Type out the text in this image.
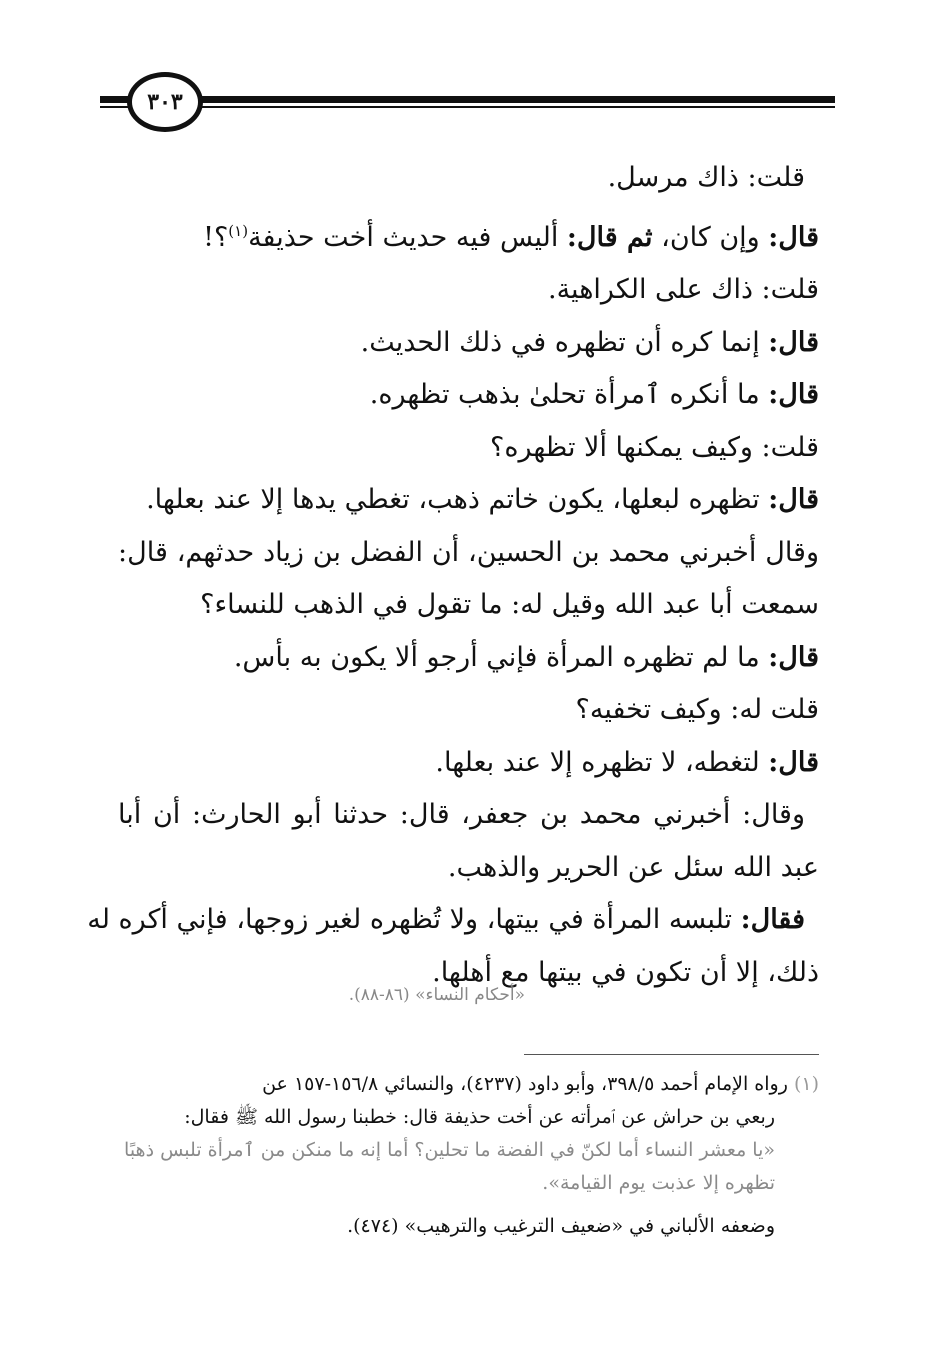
٣٠٣
قلت: ذاك مرسل.
قال: وإن كان، ثم قال: أليس فيه حديث أخت حذيفة$^{(١)}$؟!
قلت: ذاك على الكراهية.
قال: إنما كره أن تظهره في ذلك الحديث.
قال: ما أنكره ٱمرأة تحلىٰ بذهب تظهره.
قلت: وكيف يمكنها ألا تظهره؟
قال: تظهره لبعلها، يكون خاتم ذهب، تغطي يدها إلا عند بعلها.
وقال أخبرني محمد بن الحسين، أن الفضل بن زياد حدثهم، قال:
سمعت أبا عبد الله وقيل له: ما تقول في الذهب للنساء؟
قال: ما لم تظهره المرأة فإني أرجو ألا يكون به بأس.
قلت له: وكيف تخفيه؟
قال: لتغطه، لا تظهره إلا عند بعلها.
وقال: أخبرني محمد بن جعفر، قال: حدثنا أبو الحارث: أن أبا
عبد الله سئل عن الحرير والذهب.
فقال: تلبسه المرأة في بيتها، ولا تُظهره لغير زوجها، فإني أكره له
ذلك، إلا أن تكون في بيتها مع أهلها.
«أحكام النساء» (٨٦-٨٨).
(١) رواه الإمام أحمد ٣٩٨/٥، وأبو داود (٤٢٣٧)، والنسائي ١٥٦/٨-١٥٧ عن
ربعي بن حراش عن ٱمرأته عن أخت حذيفة قال: خطبنا رسول الله ﷺ فقال:
«يا معشر النساء أما لكنّ في الفضة ما تحلين؟ أما إنه ما منكن من ٱمرأة تلبس ذهبًا
تظهره إلا عذبت يوم القيامة».
وضعفه الألباني في «ضعيف الترغيب والترهيب» (٤٧٤).
